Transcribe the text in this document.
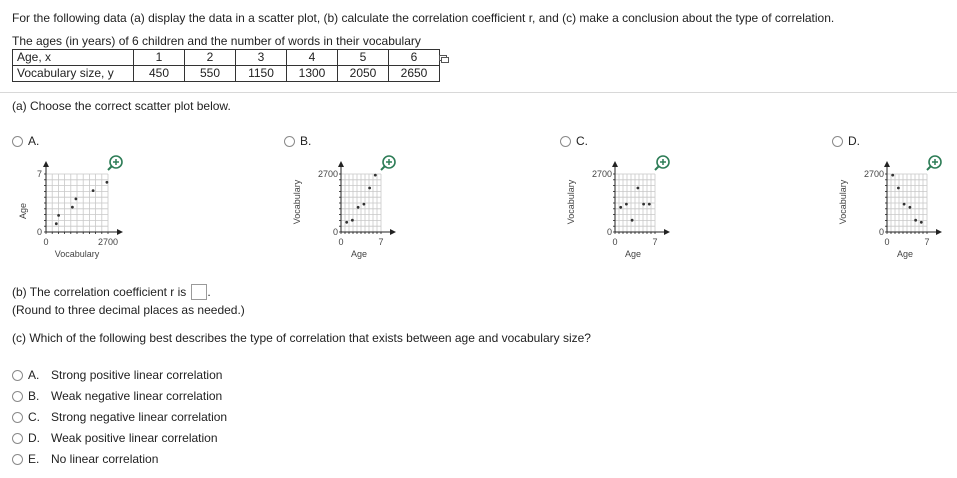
For the following data (a) display the data in a scatter plot, (b) calculate the correlation coefficient r, and (c) make a conclusion about the type of correlation.
The ages (in years) of 6 children and the number of words in their vocabulary
Age, x	1	2	3	4	5	6
Vocabulary size, y	450	550	1150	1300	2050	2650
(a) Choose the correct scatter plot below.
A.	B.	C.	D.
Age
7
0
0	2700
Vocabulary
Vocabulary
2700
0
0	7
Age
Vocabulary
2700
0
0	7
Age
Vocabulary
2700
0
0	7
Age
(b) The correlation coefficient r is .
(Round to three decimal places as needed.)
(c) Which of the following best describes the type of correlation that exists between age and vocabulary size?
A. Strong positive linear correlation
B. Weak negative linear correlation
C. Strong negative linear correlation
D. Weak positive linear correlation
E. No linear correlation
